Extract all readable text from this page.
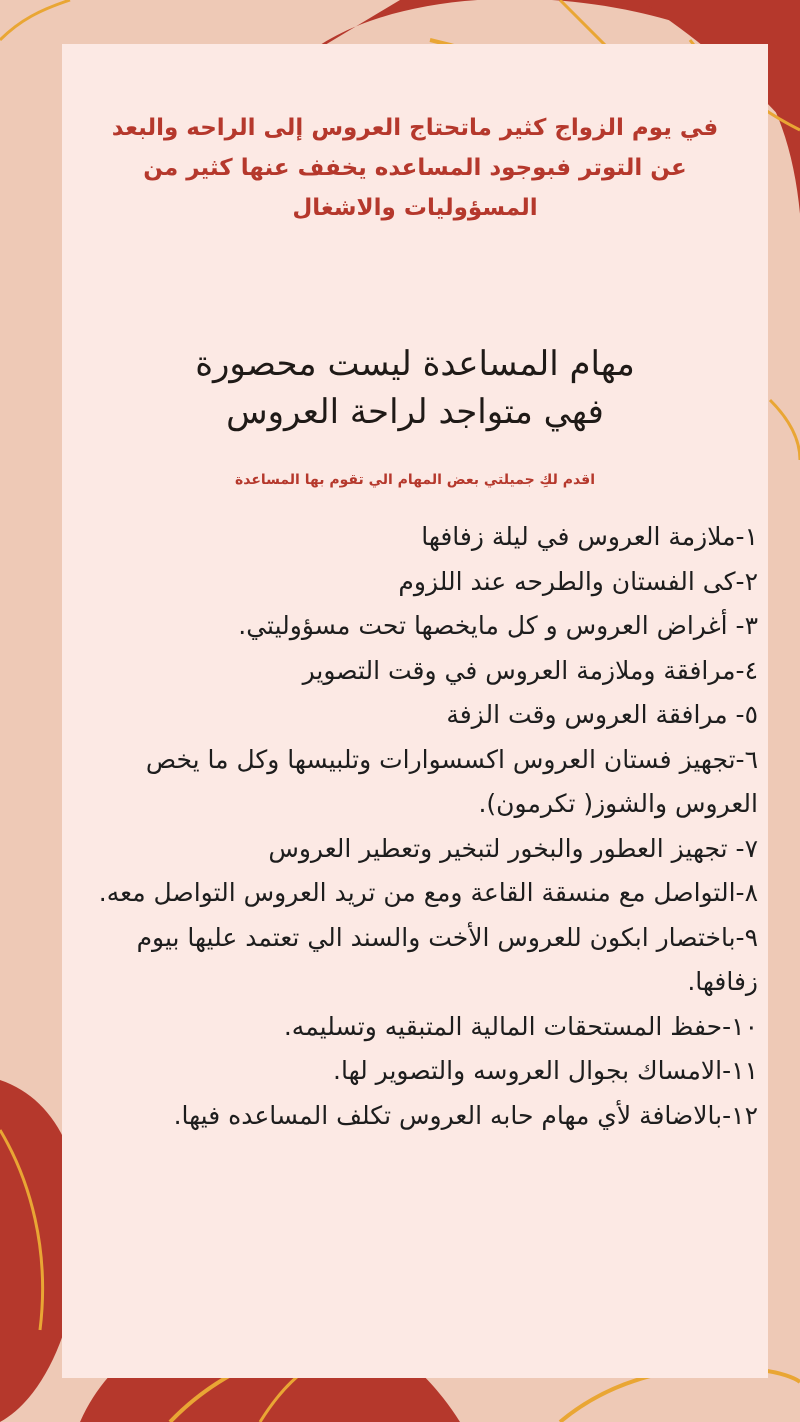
في يوم الزواج كثير ماتحتاج العروس إلى الراحه والبعد
عن التوتر فبوجود المساعده يخفف عنها كثير من
المسؤوليات والاشغال
مهام المساعدة ليست محصورة
فهي متواجد لراحة العروس
اقدم لكِ جميلتي بعض المهام الي تقوم بها المساعدة
١-ملازمة العروس في ليلة زفافها
٢-كى الفستان والطرحه عند اللزوم
٣- أغراض العروس و كل مايخصها تحت مسؤوليتي.
٤-مرافقة وملازمة العروس في وقت التصوير
٥- مرافقة العروس وقت الزفة
٦-تجهيز فستان العروس اكسسوارات وتلبيسها وكل ما يخص العروس والشوز( تكرمون).
٧- تجهيز العطور والبخور لتبخير وتعطير العروس
٨-التواصل مع منسقة القاعة ومع من تريد العروس التواصل معه.
٩-باختصار ابكون للعروس الأخت والسند الي تعتمد عليها بيوم زفافها.
١٠-حفظ المستحقات المالية المتبقيه وتسليمه.
١١-الامساك بجوال العروسه والتصوير لها.
١٢-بالاضافة لأي مهام حابه العروس تكلف المساعده فيها.
